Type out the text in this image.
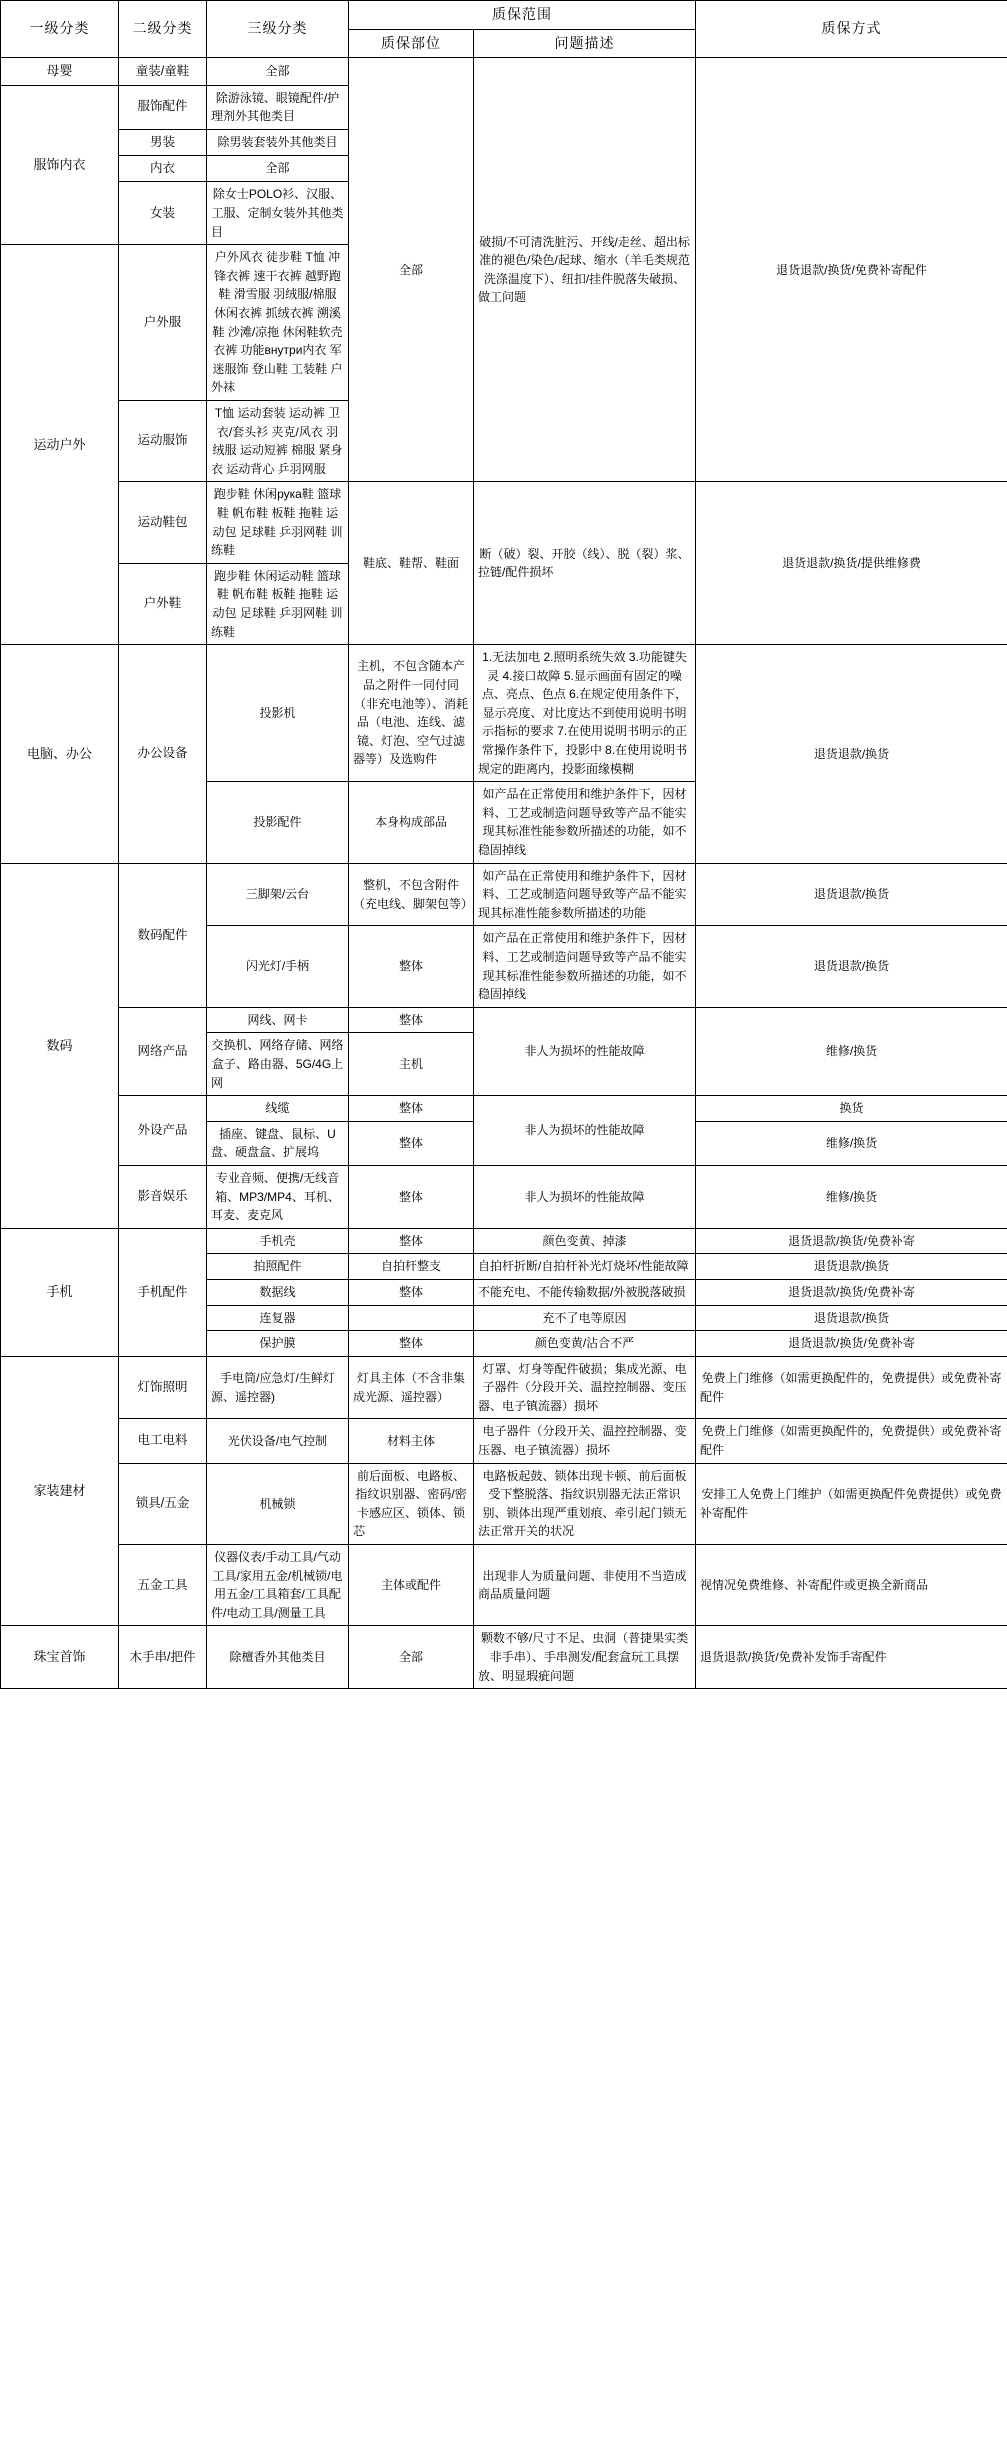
一级分类	二级分类	三级分类	质保范围		质保方式
			质保部位	问题描述	
母婴	童装/童鞋	全部	全部	破损/不可清洗脏污、开线/走丝、超出标准的褪色/染色/起球、缩水（羊毛类规范洗涤温度下）、纽扣/挂件脱落失破损、做工问题	退货退款/换货/免费补寄配件
服饰内衣	服饰配件	除游泳镜、眼镜配件/护理剂外其他类目			
	男装	除男装套装外其他类目			
	内衣	全部			
	女装	除女士POLO衫、汉服、工服、定制女装外其他类目			
运动户外	户外服	户外风衣 徒步鞋 T恤 冲锋衣裤 速干衣裤 越野跑鞋 滑雪服 羽绒服/棉服 休闲衣裤 抓绒衣裤 溯溪鞋 沙滩/凉拖 休闲鞋软壳衣裤 功能внутри内衣 军迷服饰 登山鞋 工装鞋 户外袜			
	运动服饰	T恤 运动套装 运动裤 卫衣/套头衫 夹克/风衣 羽绒服 运动短裤 棉服 紧身衣 运动背心 乒羽网服			
	运动鞋包	跑步鞋 休闲рука鞋 篮球鞋 帆布鞋 板鞋 拖鞋 运动包 足球鞋 乒羽网鞋 训练鞋	鞋底、鞋帮、鞋面	断（破）裂、开胶（线）、脱（裂）浆、拉链/配件损坏	退货退款/换货/提供维修费
	户外鞋	跑步鞋 休闲运动鞋 篮球鞋 帆布鞋 板鞋 拖鞋 运动包 足球鞋 乒羽网鞋 训练鞋			
电脑、办公	办公设备	投影机	主机，不包含随本产品之附件一同付同（非充电池等）、消耗品（电池、连线、滤镜、灯泡、空气过滤器等）及选购件	1.无法加电 2.照明系统失效 3.功能键失灵 4.接口故障 5.显示画面有固定的噪点、亮点、色点 6.在规定使用条件下，显示亮度、对比度达不到使用说明书明示指标的要求 7.在使用说明书明示的正常操作条件下，投影中 8.在使用说明书规定的距离内，投影面缘模糊	退货退款/换货
		投影配件	本身构成部品	如产品在正常使用和维护条件下，因材料、工艺或制造问题导致等产品不能实现其标准性能参数所描述的功能，如不稳固掉线	
数码	数码配件	三脚架/云台	整机，不包含附件（充电线、脚架包等）	如产品在正常使用和维护条件下，因材料、工艺或制造问题导致等产品不能实现其标准性能参数所描述的功能	退货退款/换货
		闪光灯/手柄	整体	如产品在正常使用和维护条件下，因材料、工艺或制造问题导致等产品不能实现其标准性能参数所描述的功能，如不稳固掉线	退货退款/换货
	网络产品	网线、网卡	整体	非人为损坏的性能故障	维修/换货
		交换机、网络存储、网络盒子、路由器、5G/4G上网	主机		
	外设产品	线缆	整体	非人为损坏的性能故障	换货
		插座、键盘、鼠标、U盘、硬盘盒、扩展坞	整体		维修/换货
	影音娱乐	专业音频、便携/无线音箱、MP3/MP4、耳机、耳麦、麦克风	整体	非人为损坏的性能故障	维修/换货
手机	手机配件	手机壳	整体	颜色变黄、掉漆	退货退款/换货/免费补寄
		拍照配件	自拍杆整支	自拍杆折断/自拍杆补光灯烧坏/性能故障	退货退款/换货
		数据线	整体	不能充电、不能传输数据/外被脱落破损	退货退款/换货/免费补寄
		连复器		充不了电等原因	退货退款/换货
		保护膜	整体	颜色变黄/沾合不严	退货退款/换货/免费补寄
家装建材	灯饰照明	手电筒/应急灯/生鲜灯源、遥控器)	灯具主体（不含非集成光源、遥控器）	灯罩、灯身等配件破损；集成光源、电子器件（分段开关、温控控制器、变压器、电子镇流器）损坏	免费上门维修（如需更换配件的，免费提供）或免费补寄配件
	电工电料	光伏设备/电气控制	材料主体	电子器件（分段开关、温控控制器、变压器、电子镇流器）损坏	免费上门维修（如需更换配件的，免费提供）或免费补寄配件
	锁具/五金	机械锁	前后面板、电路板、指纹识别器、密码/密卡感应区、锁体、锁芯	电路板起鼓、锁体出现卡顿、前后面板受下整脱落、指纹识别器无法正常识别、锁体出现严重划痕、牵引起门锁无法正常开关的状况	安排工人免费上门维护（如需更换配件免费提供）或免费补寄配件
	五金工具	仪器仪表/手动工具/气动工具/家用五金/机械锁/电用五金/工具箱套/工具配件/电动工具/测量工具	主体或配件	出现非人为质量问题、非使用不当造成商品质量问题	视情况免费维修、补寄配件或更换全新商品
珠宝首饰	木手串/把件	除檀香外其他类目	全部	颗数不够/尺寸不足、虫洞（普捷果实类非手串）、手串测发/配套盒玩工具摆放、明显瑕疵问题	退货退款/换货/免费补发饰手寄配件
